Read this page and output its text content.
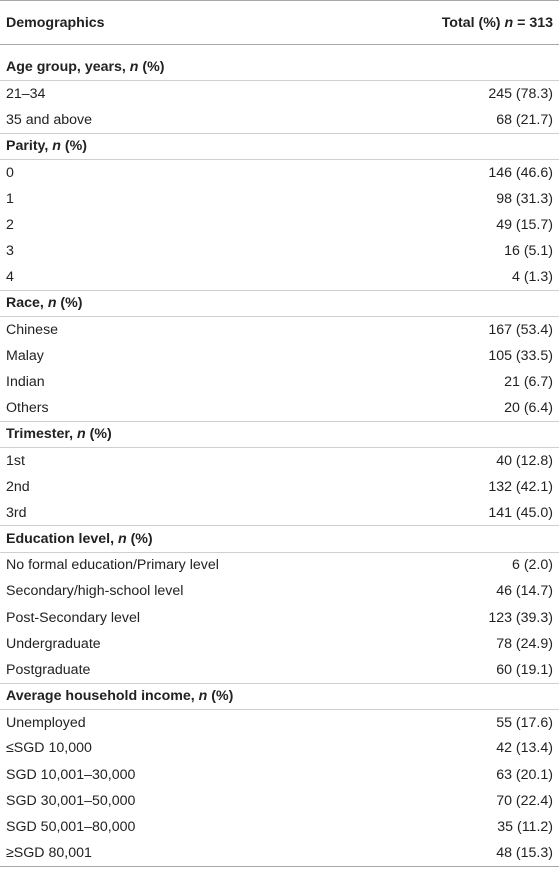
Demographics	Total (%) n = 313

Age group, years, n (%)	
21–34	245 (78.3)
35 and above	68 (21.7)
Parity, n (%)	
0	146 (46.6)
1	98 (31.3)
2	49 (15.7)
3	16 (5.1)
4	4 (1.3)
Race, n (%)	
Chinese	167 (53.4)
Malay	105 (33.5)
Indian	21 (6.7)
Others	20 (6.4)
Trimester, n (%)	
1st	40 (12.8)
2nd	132 (42.1)
3rd	141 (45.0)
Education level, n (%)	
No formal education/Primary level	6 (2.0)
Secondary/high-school level	46 (14.7)
Post-Secondary level	123 (39.3)
Undergraduate	78 (24.9)
Postgraduate	60 (19.1)
Average household income, n (%)	
Unemployed	55 (17.6)
≤SGD 10,000	42 (13.4)
SGD 10,001–30,000	63 (20.1)
SGD 30,001–50,000	70 (22.4)
SGD 50,001–80,000	35 (11.2)
≥SGD 80,001	48 (15.3)
